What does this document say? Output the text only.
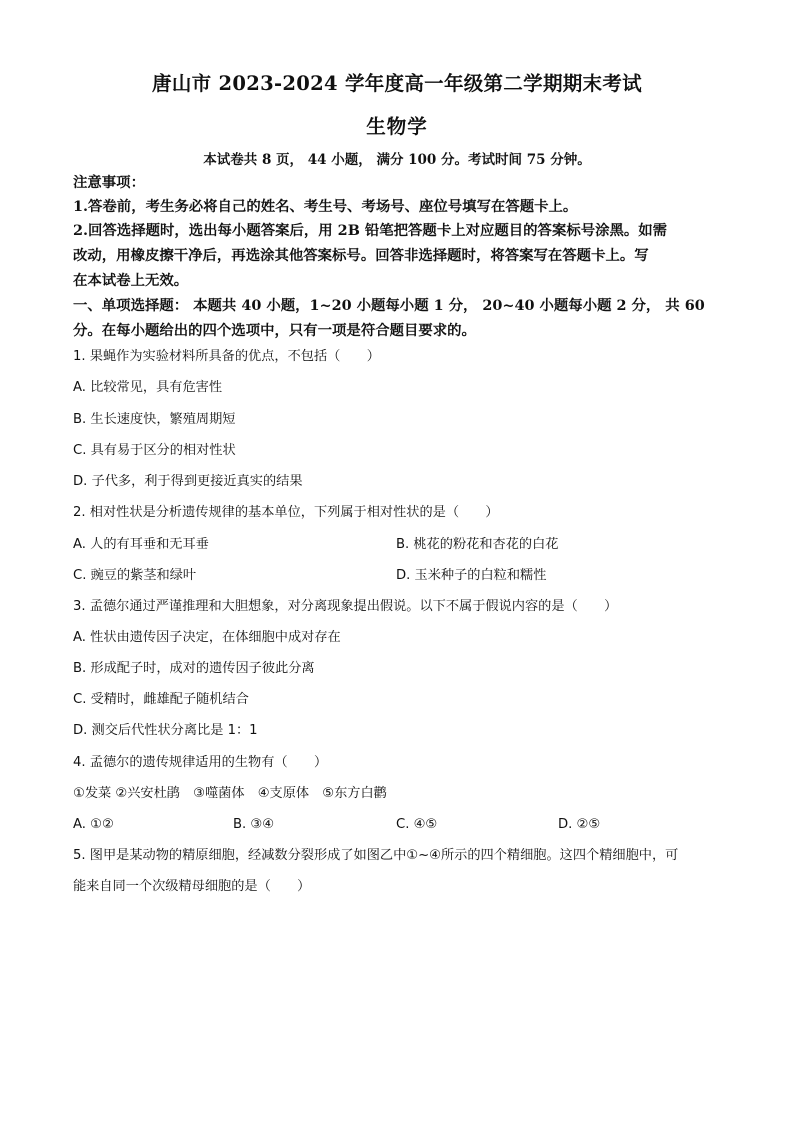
唐山市 2023-2024 学年度高一年级第二学期期末考试
生物学
本试卷共 8 页， 44 小题， 满分 100 分。考试时间 75 分钟。
注意事项：
1.答卷前，考生务必将自己的姓名、考生号、考场号、座位号填写在答题卡上。
2.回答选择题时，选出每小题答案后，用 2B 铅笔把答题卡上对应题目的答案标号涂黑。如需
改动，用橡皮擦干净后，再选涂其他答案标号。回答非选择题时，将答案写在答题卡上。写
在本试卷上无效。
一、单项选择题： 本题共 40 小题，1~20 小题每小题 1 分， 20~40 小题每小题 2 分， 共 60
分。在每小题给出的四个选项中，只有一项是符合题目要求的。
1. 果蝇作为实验材料所具备的优点，不包括（　　）
A. 比较常见，具有危害性
B. 生长速度快，繁殖周期短
C. 具有易于区分的相对性状
D. 子代多，利于得到更接近真实的结果
2. 相对性状是分析遗传规律的基本单位，下列属于相对性状的是（　　）
A. 人的有耳垂和无耳垂	B. 桃花的粉花和杏花的白花
C. 豌豆的紫茎和绿叶	D. 玉米种子的白粒和糯性
3. 孟德尔通过严谨推理和大胆想象，对分离现象提出假说。以下不属于假说内容的是（　　）
A. 性状由遗传因子决定，在体细胞中成对存在
B. 形成配子时，成对的遗传因子彼此分离
C. 受精时，雌雄配子随机结合
D. 测交后代性状分离比是 1：1
4. 孟德尔的遗传规律适用的生物有（　　）
①发菜 ②兴安杜鹃　③噬菌体　④支原体　⑤东方白鹳
A. ①②	B. ③④	C. ④⑤	D. ②⑤
5. 图甲是某动物的精原细胞，经减数分裂形成了如图乙中①~④所示的四个精细胞。这四个精细胞中，可
能来自同一个次级精母细胞的是（　　）
